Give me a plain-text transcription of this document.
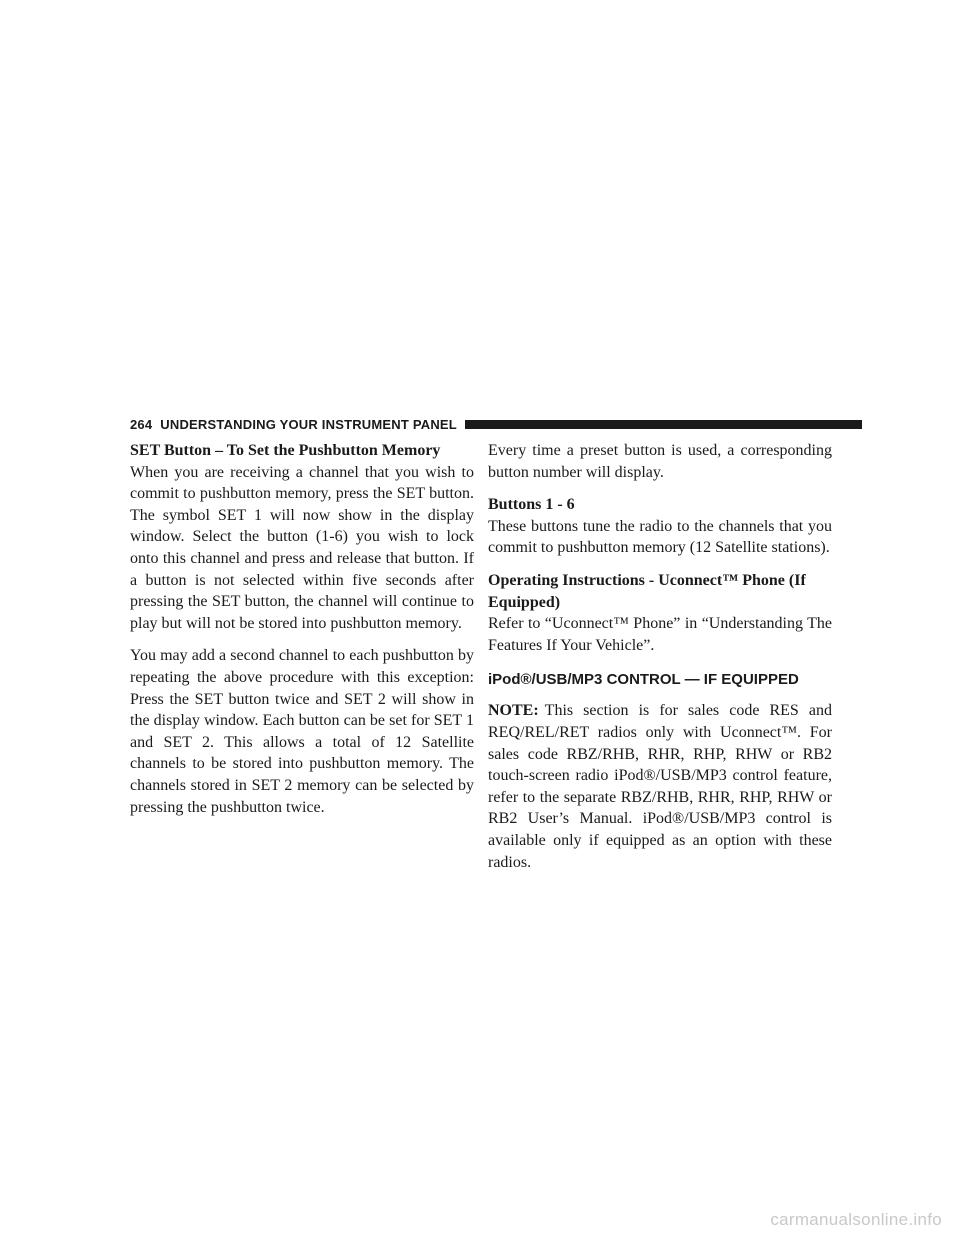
264 UNDERSTANDING YOUR INSTRUMENT PANEL
SET Button – To Set the Pushbutton Memory

When you are receiving a channel that you wish to commit to pushbutton memory, press the SET button. The symbol SET 1 will now show in the display window. Select the button (1-6) you wish to lock onto this channel and press and release that button. If a button is not selected within five seconds after pressing the SET button, the channel will continue to play but will not be stored into pushbutton memory.

You may add a second channel to each pushbutton by repeating the above procedure with this exception: Press the SET button twice and SET 2 will show in the display window. Each button can be set for SET 1 and SET 2. This allows a total of 12 Satellite channels to be stored into pushbutton memory. The channels stored in SET 2 memory can be selected by pressing the pushbutton twice.

Every time a preset button is used, a corresponding button number will display.

Buttons 1 - 6

These buttons tune the radio to the channels that you commit to pushbutton memory (12 Satellite stations).

Operating Instructions - Uconnect™ Phone (If Equipped)

Refer to “Uconnect™ Phone” in “Understanding The Features If Your Vehicle”.

iPod®/USB/MP3 CONTROL — IF EQUIPPED

NOTE: This section is for sales code RES and REQ/REL/RET radios only with Uconnect™. For sales code RBZ/RHB, RHR, RHP, RHW or RB2 touch-screen radio iPod®/USB/MP3 control feature, refer to the separate RBZ/RHB, RHR, RHP, RHW or RB2 User’s Manual. iPod®/USB/MP3 control is available only if equipped as an option with these radios.

carmanualsonline.info
